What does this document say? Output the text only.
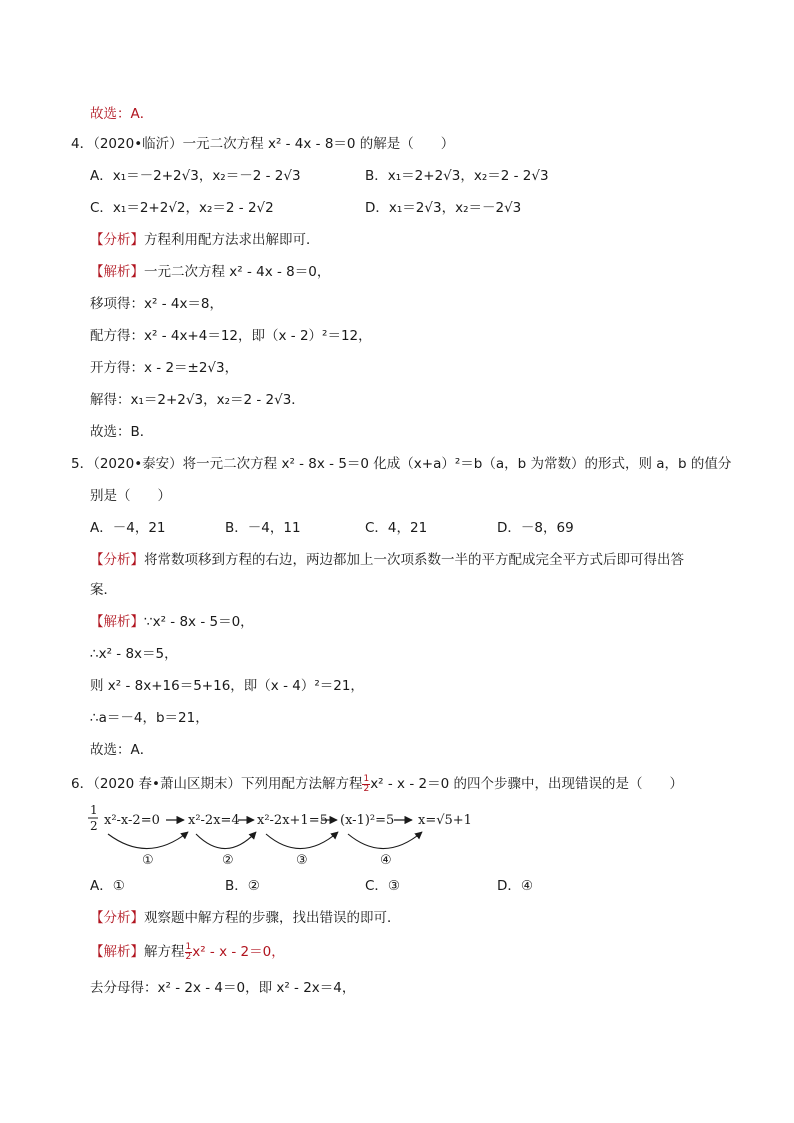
故选：A．
4．（2020•临沂）一元二次方程 x² - 4x - 8＝0 的解是（　　）
A．x₁＝－2+2√3，x₂＝－2 - 2√3	B．x₁＝2+2√3，x₂＝2 - 2√3
C．x₁＝2+2√2，x₂＝2 - 2√2	D．x₁＝2√3，x₂＝－2√3
【分析】方程利用配方法求出解即可．
【解析】一元二次方程 x² - 4x - 8＝0，
移项得：x² - 4x＝8，
配方得：x² - 4x+4＝12，即（x - 2）²＝12，
开方得：x - 2＝±2√3，
解得：x₁＝2+2√3，x₂＝2 - 2√3．
故选：B．
5．（2020•泰安）将一元二次方程 x² - 8x - 5＝0 化成（x+a）²＝b（a，b 为常数）的形式，则 a，b 的值分
别是（　　）
A．－4，21	B．－4，11	C．4，21	D．－8，69
【分析】将常数项移到方程的右边，两边都加上一次项系数一半的平方配成完全平方式后即可得出答
案．
【解析】∵x² - 8x - 5＝0，
∴x² - 8x＝5，
则 x² - 8x+16＝5+16，即（x - 4）²＝21，
∴a＝－4，b＝21，
故选：A．
6．（2020 春•萧山区期末）下列用配方法解方程 $\frac{1}{2} x^2 - x - 2=0$ 的四个步骤中，出现错误的是（　　）
1
2 x²-x-2=0 x²-2x=4 x²-2x+1=5 (x-1)²=5 x=√5+1
①	②	③	④
A．①	B．②	C．③	D．④
【分析】观察题中解方程的步骤，找出错误的即可．
【解析】解方程 $\frac{1}{2} x^2 - x - 2=0$，
去分母得：x² - 2x - 4＝0，即 x² - 2x＝4，
